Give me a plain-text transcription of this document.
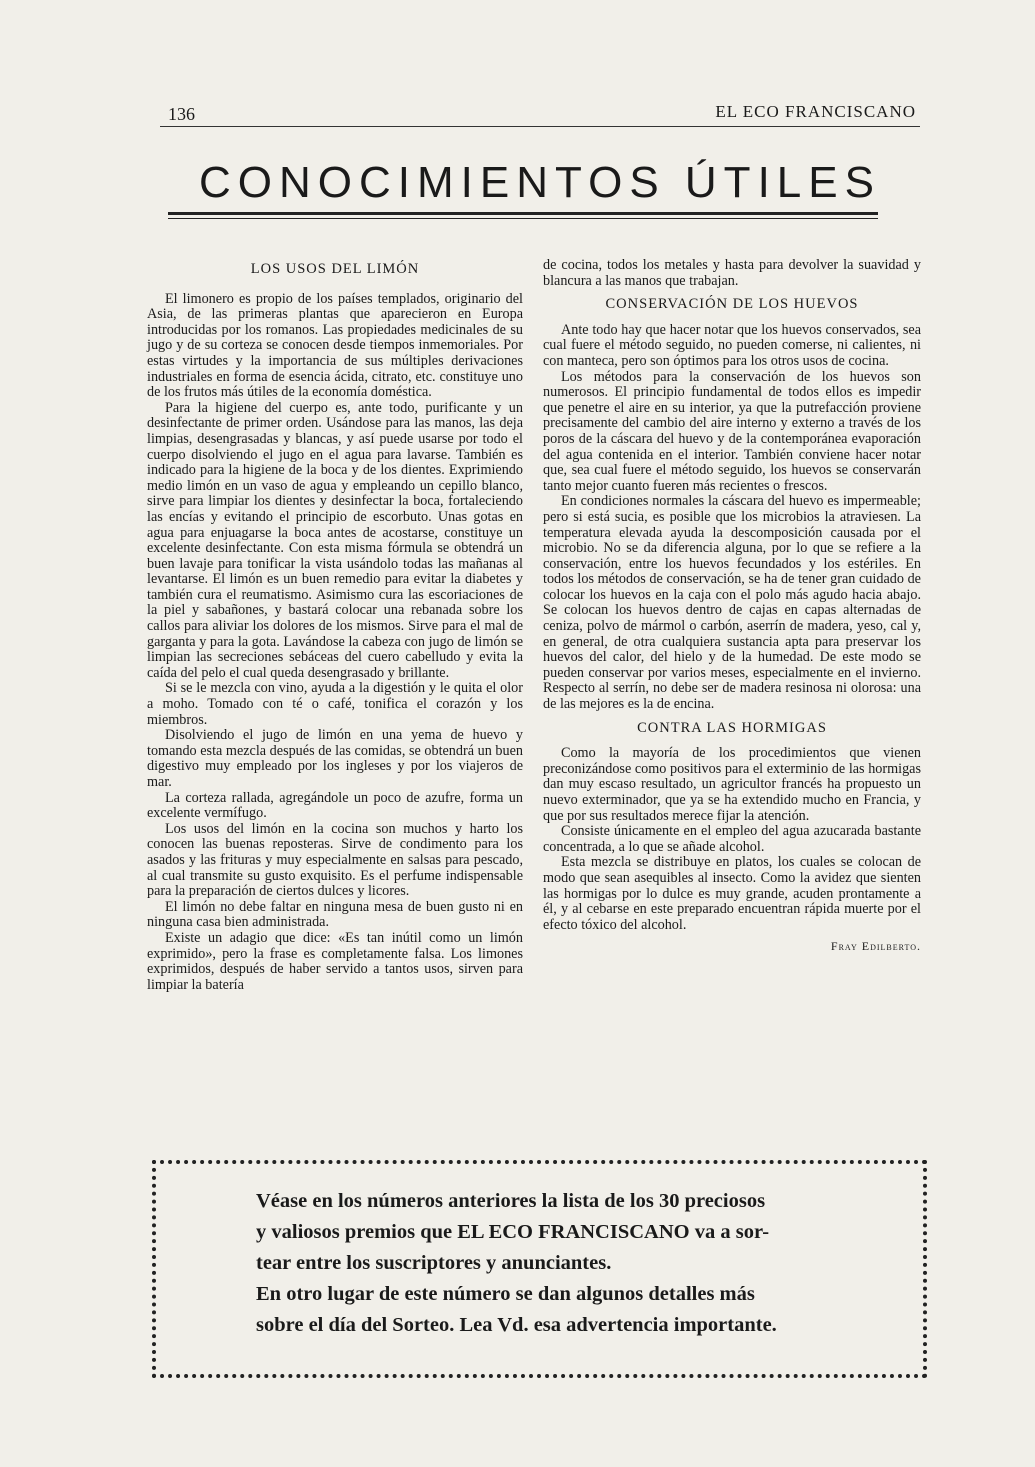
136	EL ECO FRANCISCANO
CONOCIMIENTOS ÚTILES
LOS USOS DEL LIMÓN

El limonero es propio de los países templados, originario del Asia, de las primeras plantas que aparecieron en Europa introducidas por los romanos. Las propiedades medicinales de su jugo y de su corteza se conocen desde tiempos inmemoriales. Por estas virtudes y la importancia de sus múltiples derivaciones industriales en forma de esencia ácida, citrato, etc. constituye uno de los frutos más útiles de la economía doméstica.

Para la higiene del cuerpo es, ante todo, purificante y un desinfectante de primer orden. Usándose para las manos, las deja limpias, desengrasadas y blancas, y así puede usarse por todo el cuerpo disolviendo el jugo en el agua para lavarse. También es indicado para la higiene de la boca y de los dientes. Exprimiendo medio limón en un vaso de agua y empleando un cepillo blanco, sirve para limpiar los dientes y desinfectar la boca, fortaleciendo las encías y evitando el principio de escorbuto. Unas gotas en agua para enjuagarse la boca antes de acostarse, constituye un excelente desinfectante. Con esta misma fórmula se obtendrá un buen lavaje para tonificar la vista usándolo todas las mañanas al levantarse. El limón es un buen remedio para evitar la diabetes y también cura el reumatismo. Asimismo cura las escoriaciones de la piel y sabañones, y bastará colocar una rebanada sobre los callos para aliviar los dolores de los mismos. Sirve para el mal de garganta y para la gota. Lavándose la cabeza con jugo de limón se limpian las secreciones sebáceas del cuero cabelludo y evita la caída del pelo el cual queda desengrasado y brillante.

Si se le mezcla con vino, ayuda a la digestión y le quita el olor a moho. Tomado con té o café, tonifica el corazón y los miembros.

Disolviendo el jugo de limón en una yema de huevo y tomando esta mezcla después de las comidas, se obtendrá un buen digestivo muy empleado por los ingleses y por los viajeros de mar.

La corteza rallada, agregándole un poco de azufre, forma un excelente vermífugo.

Los usos del limón en la cocina son muchos y harto los conocen las buenas reposteras. Sirve de condimento para los asados y las frituras y muy especialmente en salsas para pescado, al cual transmite su gusto exquisito. Es el perfume indispensable para la preparación de ciertos dulces y licores.

El limón no debe faltar en ninguna mesa de buen gusto ni en ninguna casa bien administrada.

Existe un adagio que dice: «Es tan inútil como un limón exprimido», pero la frase es completamente falsa. Los limones exprimidos, después de haber servido a tantos usos, sirven para limpiar la batería

de cocina, todos los metales y hasta para devolver la suavidad y blancura a las manos que trabajan.

CONSERVACIÓN DE LOS HUEVOS

Ante todo hay que hacer notar que los huevos conservados, sea cual fuere el método seguido, no pueden comerse, ni calientes, ni con manteca, pero son óptimos para los otros usos de cocina.

Los métodos para la conservación de los huevos son numerosos. El principio fundamental de todos ellos es impedir que penetre el aire en su interior, ya que la putrefacción proviene precisamente del cambio del aire interno y externo a través de los poros de la cáscara del huevo y de la contemporánea evaporación del agua contenida en el interior. También conviene hacer notar que, sea cual fuere el método seguido, los huevos se conservarán tanto mejor cuanto fueren más recientes o frescos.

En condiciones normales la cáscara del huevo es impermeable; pero si está sucia, es posible que los microbios la atraviesen. La temperatura elevada ayuda la descomposición causada por el microbio. No se da diferencia alguna, por lo que se refiere a la conservación, entre los huevos fecundados y los estériles. En todos los métodos de conservación, se ha de tener gran cuidado de colocar los huevos en la caja con el polo más agudo hacia abajo. Se colocan los huevos dentro de cajas en capas alternadas de ceniza, polvo de mármol o carbón, aserrín de madera, yeso, cal y, en general, de otra cualquiera sustancia apta para preservar los huevos del calor, del hielo y de la humedad. De este modo se pueden conservar por varios meses, especialmente en el invierno. Respecto al serrín, no debe ser de madera resinosa ni olorosa: una de las mejores es la de encina.

CONTRA LAS HORMIGAS

Como la mayoría de los procedimientos que vienen preconizándose como positivos para el exterminio de las hormigas dan muy escaso resultado, un agricultor francés ha propuesto un nuevo exterminador, que ya se ha extendido mucho en Francia, y que por sus resultados merece fijar la atención.

Consiste únicamente en el empleo del agua azucarada bastante concentrada, a lo que se añade alcohol.

Esta mezcla se distribuye en platos, los cuales se colocan de modo que sean asequibles al insecto. Como la avidez que sienten las hormigas por lo dulce es muy grande, acuden prontamente a él, y al cebarse en este preparado encuentran rápida muerte por el efecto tóxico del alcohol.

Fray Edilberto.
Véase en los números anteriores la lista de los 30 preciosos
y valiosos premios que EL ECO FRANCISCANO va a sor-
tear entre los suscriptores y anunciantes.
En otro lugar de este número se dan algunos detalles más
sobre el día del Sorteo. Lea Vd. esa advertencia importante.
